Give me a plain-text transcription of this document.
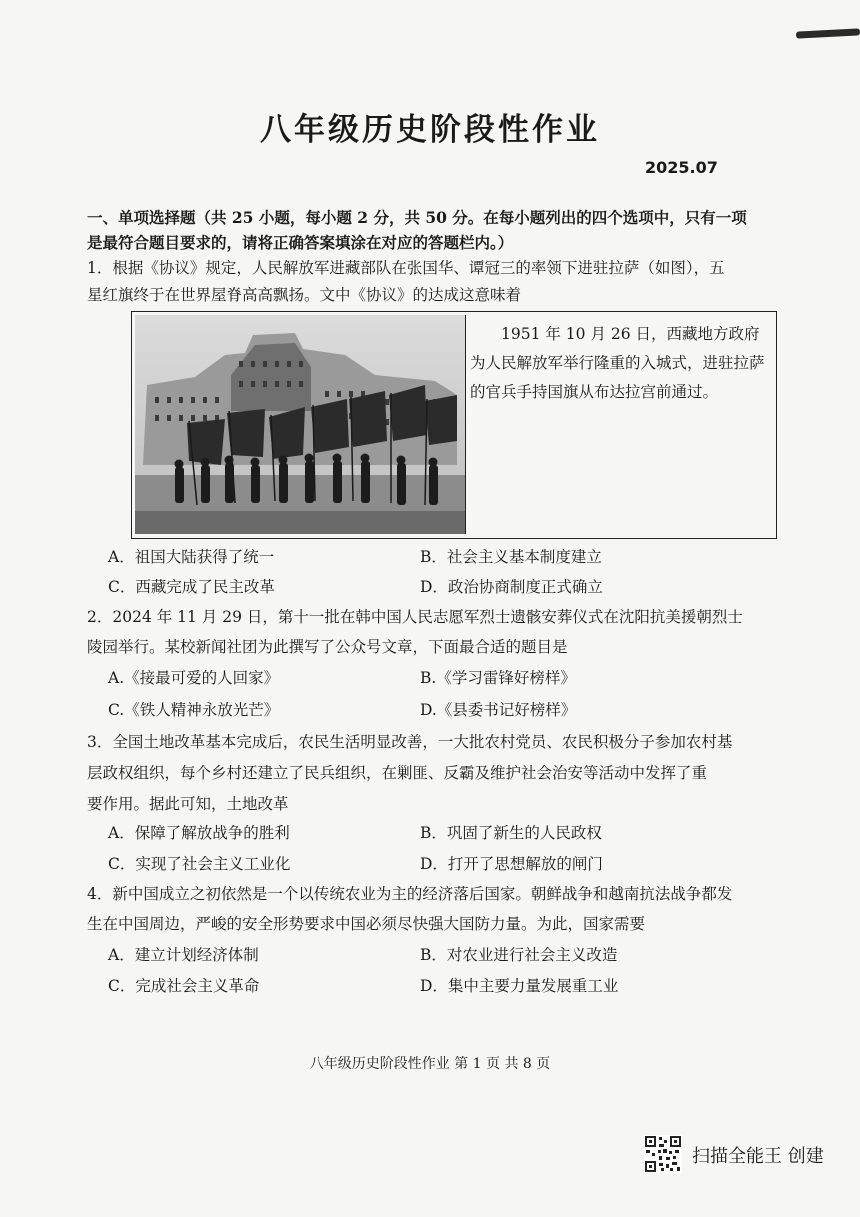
八年级历史阶段性作业
2025.07
一、单项选择题（共 25 小题，每小题 2 分，共 50 分。在每小题列出的四个选项中，只有一项
是最符合题目要求的，请将正确答案填涂在对应的答题栏内。）
1．根据《协议》规定，人民解放军进藏部队在张国华、谭冠三的率领下进驻拉萨（如图），五
星红旗终于在世界屋脊高高飘扬。文中《协议》的达成这意味着
1951 年 10 月 26 日，西藏地方政府为人民解放军举行隆重的入城式，进驻拉萨的官兵手持国旗从布达拉宫前通过。
A．祖国大陆获得了统一	B．社会主义基本制度建立
C．西藏完成了民主改革	D．政治协商制度正式确立
2．2024 年 11 月 29 日，第十一批在韩中国人民志愿军烈士遗骸安葬仪式在沈阳抗美援朝烈士
陵园举行。某校新闻社团为此撰写了公众号文章，下面最合适的题目是
A.《接最可爱的人回家》	B.《学习雷锋好榜样》
C.《铁人精神永放光芒》	D.《县委书记好榜样》
3．全国土地改革基本完成后，农民生活明显改善，一大批农村党员、农民积极分子参加农村基
层政权组织，每个乡村还建立了民兵组织，在剿匪、反霸及维护社会治安等活动中发挥了重
要作用。据此可知，土地改革
A．保障了解放战争的胜利	B．巩固了新生的人民政权
C．实现了社会主义工业化	D．打开了思想解放的闸门
4．新中国成立之初依然是一个以传统农业为主的经济落后国家。朝鲜战争和越南抗法战争都发
生在中国周边，严峻的安全形势要求中国必须尽快强大国防力量。为此，国家需要
A．建立计划经济体制	B．对农业进行社会主义改造
C．完成社会主义革命	D．集中主要力量发展重工业
八年级历史阶段性作业 第 1 页 共 8 页
扫描全能王 创建
